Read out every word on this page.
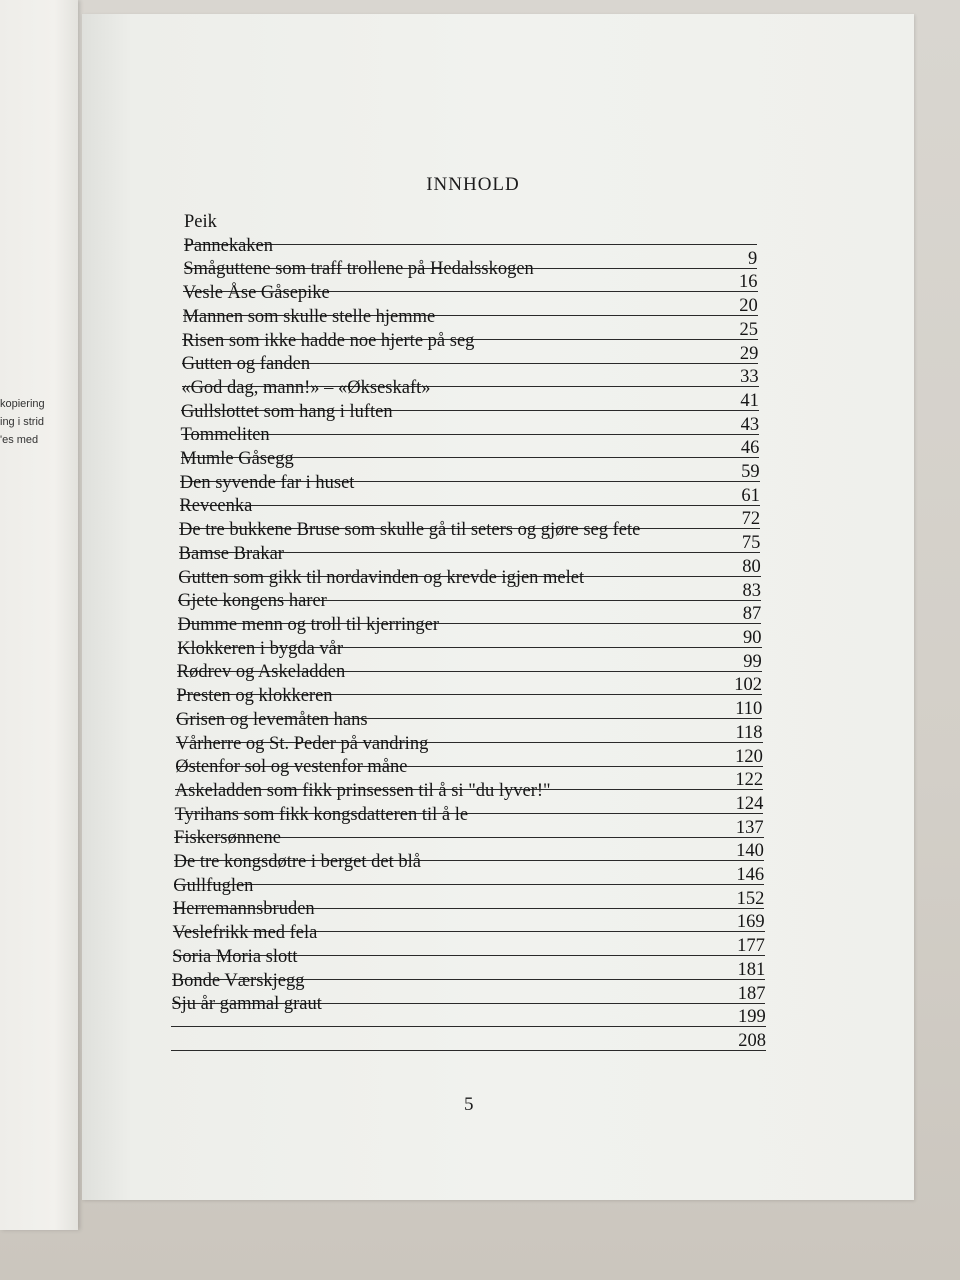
kopiering
ing i strid
'es med
INNHOLD
Peik
Pannekaken
9
Småguttene som traff trollene på Hedalsskogen
16
Vesle Åse Gåsepike
20
Mannen som skulle stelle hjemme
25
Risen som ikke hadde noe hjerte på seg
29
Gutten og fanden
33
«God dag, mann!» – «Økseskaft»
41
Gullslottet som hang i luften
43
Tommeliten
46
Mumle Gåsegg
59
Den syvende far i huset
61
Reveenka
72
De tre bukkene Bruse som skulle gå til seters og gjøre seg fete
75
Bamse Brakar
80
Gutten som gikk til nordavinden og krevde igjen melet
83
Gjete kongens harer
87
Dumme menn og troll til kjerringer
90
Klokkeren i bygda vår
99
Rødrev og Askeladden
102
Presten og klokkeren
110
Grisen og levemåten hans
118
Vårherre og St. Peder på vandring
120
Østenfor sol og vestenfor måne
122
Askeladden som fikk prinsessen til å si "du lyver!"
124
Tyrihans som fikk kongsdatteren til å le
137
Fiskersønnene
140
De tre kongsdøtre i berget det blå
146
Gullfuglen
152
Herremannsbruden
169
Veslefrikk med fela
177
Soria Moria slott
181
Bonde Værskjegg
187
Sju år gammal graut
199
208
5
